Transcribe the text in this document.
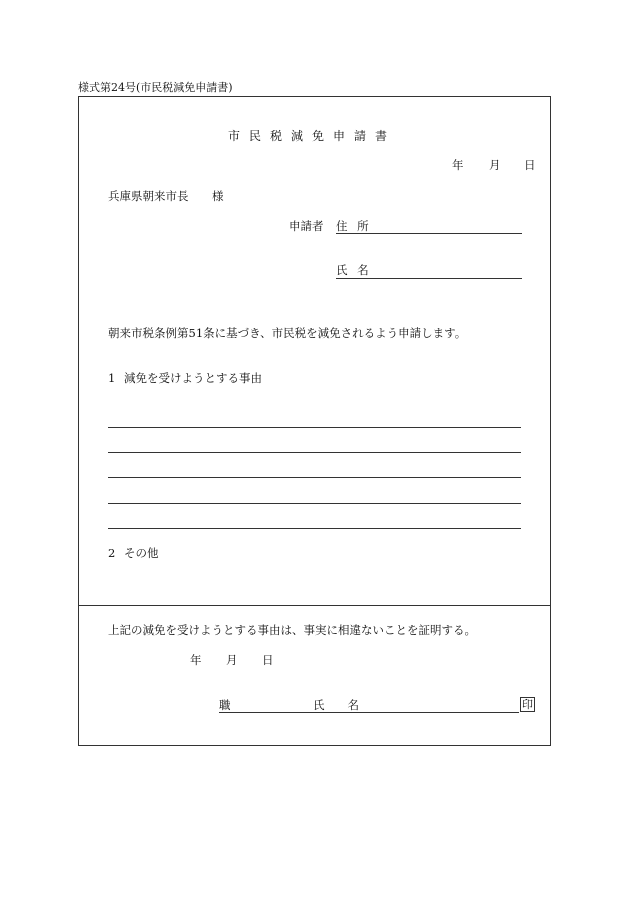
様式第24号(市民税減免申請書)
市民税減免申請書
年 月 日
兵庫県朝来市長 様
申請者 住 所
氏 名
朝来市税条例第51条に基づき、市民税を減免されるよう申請します。
1 減免を受けようとする事由
2 その他
上記の減免を受けようとする事由は、事実に相違ないことを証明する。
年 月 日
職	氏　　名	印
